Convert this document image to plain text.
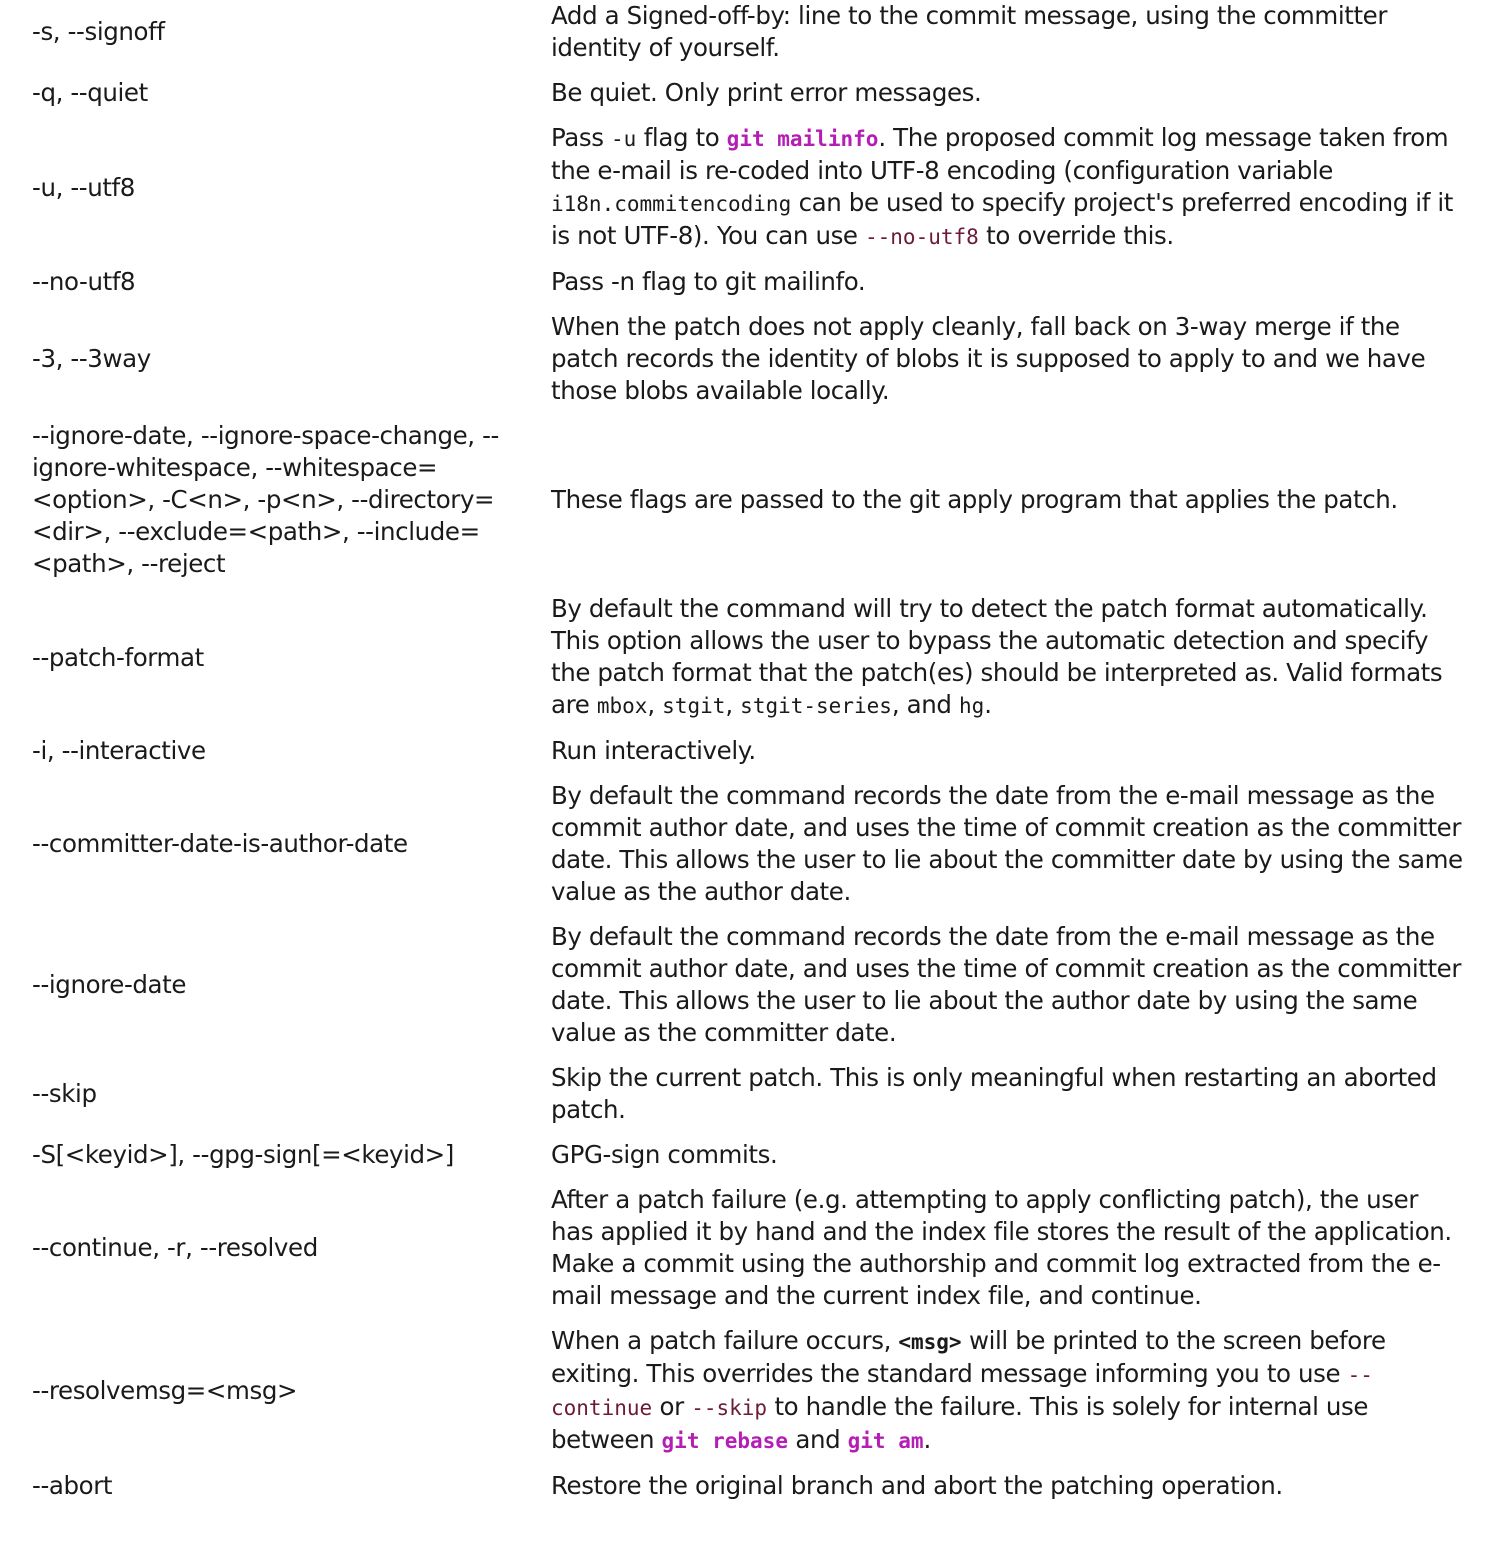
-s, --signoff	Add a Signed-off-by: line to the commit message, using the committer identity of yourself.
-q, --quiet	Be quiet. Only print error messages.
-u, --utf8	Pass -u flag to git mailinfo. The proposed commit log message taken from the e-mail is re-coded into UTF-8 encoding (configuration variable i18n.commitencoding can be used to specify project's preferred encoding if it is not UTF-8). You can use --no-utf8 to override this.
--no-utf8	Pass -n flag to git mailinfo.
-3, --3way	When the patch does not apply cleanly, fall back on 3-way merge if the patch records the identity of blobs it is supposed to apply to and we have those blobs available locally.
--ignore-date, --ignore-space-change, --ignore-whitespace, --whitespace=<option>, -C<n>, -p<n>, --directory=<dir>, --exclude=<path>, --include=<path>, --reject	These flags are passed to the git apply program that applies the patch.
--patch-format	By default the command will try to detect the patch format automatically. This option allows the user to bypass the automatic detection and specify the patch format that the patch(es) should be interpreted as. Valid formats are mbox, stgit, stgit-series, and hg.
-i, --interactive	Run interactively.
--committer-date-is-author-date	By default the command records the date from the e-mail message as the commit author date, and uses the time of commit creation as the committer date. This allows the user to lie about the committer date by using the same value as the author date.
--ignore-date	By default the command records the date from the e-mail message as the commit author date, and uses the time of commit creation as the committer date. This allows the user to lie about the author date by using the same value as the committer date.
--skip	Skip the current patch. This is only meaningful when restarting an aborted patch.
-S[<keyid>], --gpg-sign[=<keyid>]	GPG-sign commits.
--continue, -r, --resolved	After a patch failure (e.g. attempting to apply conflicting patch), the user has applied it by hand and the index file stores the result of the application. Make a commit using the authorship and commit log extracted from the e-mail message and the current index file, and continue.
--resolvemsg=<msg>	When a patch failure occurs, <msg> will be printed to the screen before exiting. This overrides the standard message informing you to use --continue or --skip to handle the failure. This is solely for internal use between git rebase and git am.
--abort	Restore the original branch and abort the patching operation.
